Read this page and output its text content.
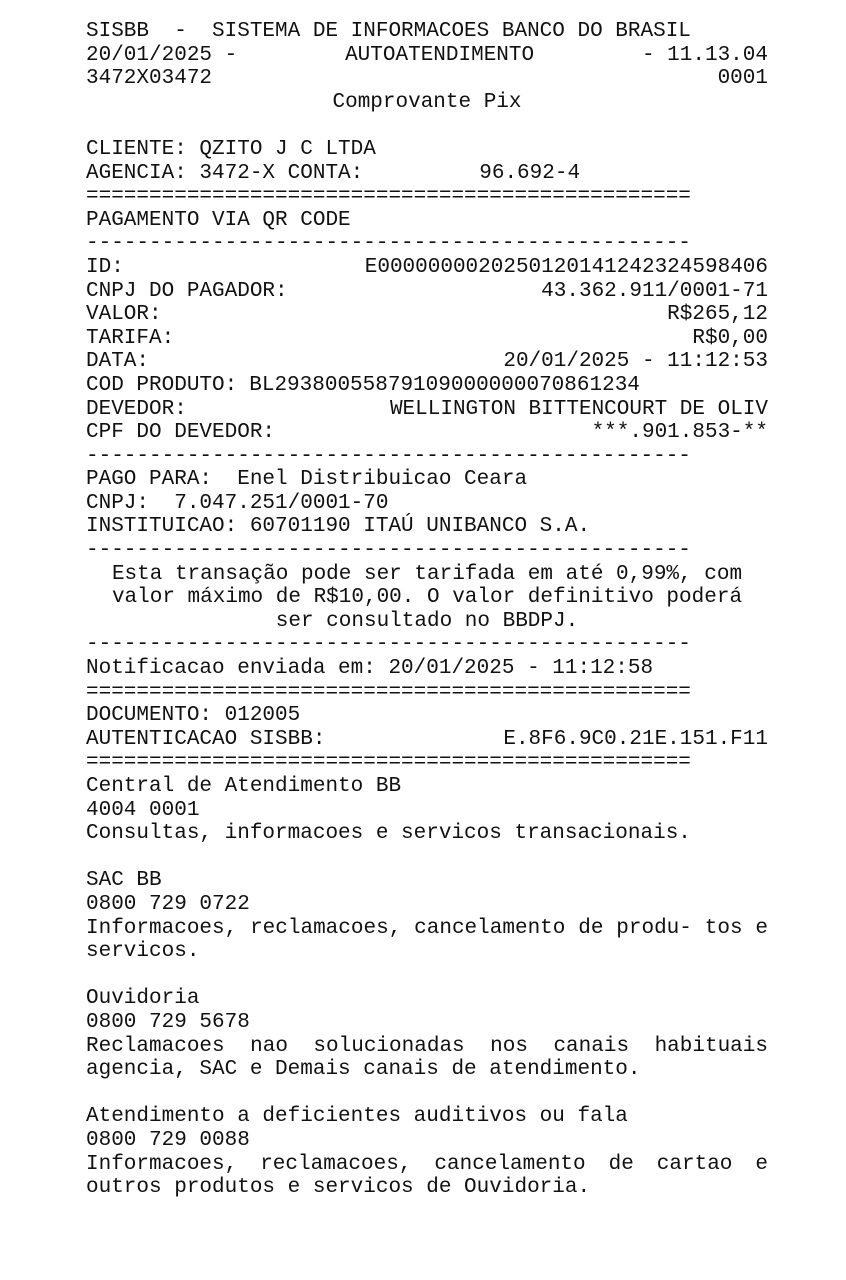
SISBB  -  SISTEMA DE INFORMACOES BANCO DO BRASIL
20/01/2025 -	AUTOATENDIMENTO	- 11.13.04
3472X03472	0001
Comprovante Pix
CLIENTE: QZITO J C LTDA
AGENCIA: 3472-X CONTA:	96.692-4
================================================
PAGAMENTO VIA QR CODE
------------------------------------------------
ID:	E0000000020250120141242324598406
CNPJ DO PAGADOR:	43.362.911/0001-71
VALOR:	R$265,12
TARIFA:	R$0,00
DATA:	20/01/2025 - 11:12:53
COD PRODUTO: BL29380055879109000000070861234
DEVEDOR:	WELLINGTON BITTENCOURT DE OLIV
CPF DO DEVEDOR:	***.901.853-**
------------------------------------------------
PAGO PARA:  Enel Distribuicao Ceara
CNPJ:  7.047.251/0001-70
INSTITUICAO: 60701190 ITAÚ UNIBANCO S.A.
------------------------------------------------
Esta transação pode ser tarifada em até 0,99%, com valor máximo de R$10,00. O valor definitivo poderá ser consultado no BBDPJ.
------------------------------------------------
Notificacao enviada em: 20/01/2025 - 11:12:58
================================================
DOCUMENTO: 012005
AUTENTICACAO SISBB:	E.8F6.9C0.21E.151.F11
================================================
Central de Atendimento BB
4004 0001
Consultas, informacoes e servicos transacionais.
SAC BB
0800 729 0722
Informacoes, reclamacoes, cancelamento de produ- tos e servicos.
Ouvidoria
0800 729 5678
Reclamacoes nao solucionadas nos canais habituais agencia, SAC e Demais canais de atendimento.
Atendimento a deficientes auditivos ou fala
0800 729 0088
Informacoes, reclamacoes, cancelamento de cartao e outros produtos e servicos de Ouvidoria.
